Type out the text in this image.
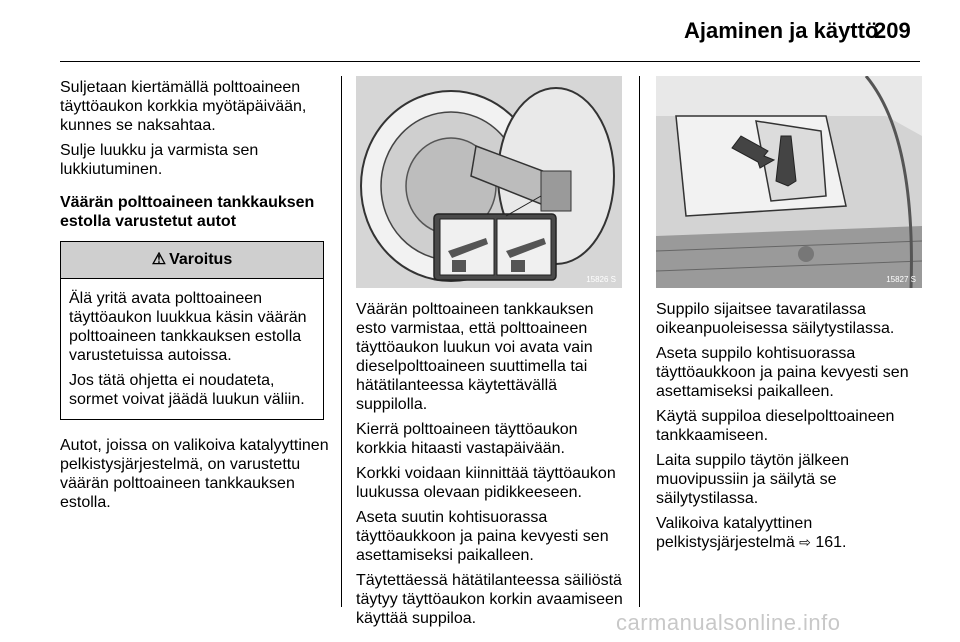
Ajaminen ja käyttö
209

Suljetaan kiertämällä polttoaineen täyttöaukon korkkia myötäpäivään, kunnes se naksahtaa.

Sulje luukku ja varmista sen lukkiutuminen.

Väärän polttoaineen tankkauksen estolla varustetut autot

⚠ Varoitus

Älä yritä avata polttoaineen täyttöaukon luukkua käsin väärän polttoaineen tankkauksen estolla varustetuissa autoissa.

Jos tätä ohjetta ei noudateta, sormet voivat jäädä luukun väliin.

Autot, joissa on valikoiva katalyyttinen pelkistysjärjestelmä, on varustettu väärän polttoaineen tankkauksen estolla.

15826 S

Väärän polttoaineen tankkauksen esto varmistaa, että polttoaineen täyttöaukon luukun voi avata vain dieselpolttoaineen suuttimella tai hätätilanteessa käytettävällä suppilolla.

Kierrä polttoaineen täyttöaukon korkkia hitaasti vastapäivään.

Korkki voidaan kiinnittää täyttöaukon luukussa olevaan pidikkeeseen.

Aseta suutin kohtisuorassa täyttöaukkoon ja paina kevyesti sen asettamiseksi paikalleen.

Täytettäessä hätätilanteessa säiliöstä täytyy täyttöaukon korkin avaamiseen käyttää suppiloa.

15827 S

Suppilo sijaitsee tavaratilassa oikeanpuoleisessa säilytystilassa.

Aseta suppilo kohtisuorassa täyttöaukkoon ja paina kevyesti sen asettamiseksi paikalleen.

Käytä suppiloa dieselpolttoaineen tankkaamiseen.

Laita suppilo täytön jälkeen muovipussiin ja säilytä se säilytystilassa.

Valikoiva katalyyttinen pelkistysjärjestelmä ⇨ 161.

carmanualsonline.info
